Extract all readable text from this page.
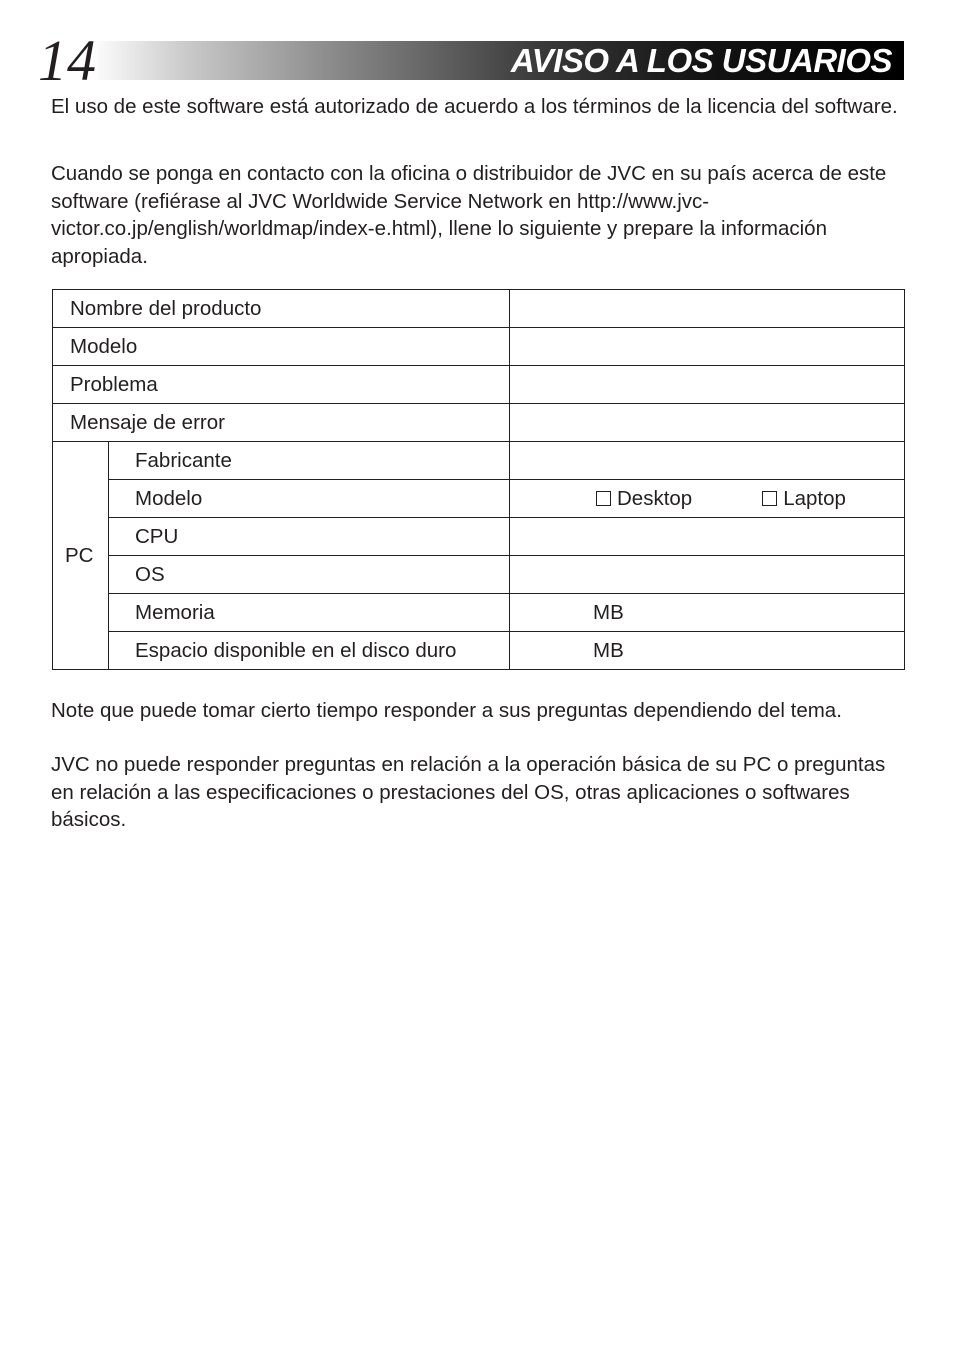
14	AVISO A LOS USUARIOS

El uso de este software está autorizado de acuerdo a los términos de la licencia del software.

Cuando se ponga en contacto con la oficina o distribuidor de JVC en su país acerca de este software (refiérase al JVC Worldwide Service Network en http://www.jvc-victor.co.jp/english/worldmap/index-e.html), llene lo siguiente y prepare la información apropiada.

Nombre del producto		
Modelo		
Problema		
Mensaje de error		
PC	Fabricante	
	Modelo	Desktop Laptop

	CPU	
	OS	
	Memoria	MB
	Espacio disponible en el disco duro	MB

Note que puede tomar cierto tiempo responder a sus preguntas dependiendo del tema.

JVC no puede responder preguntas en relación a la operación básica de su PC o preguntas en relación a las especificaciones o prestaciones del OS, otras aplicaciones o softwares básicos.
